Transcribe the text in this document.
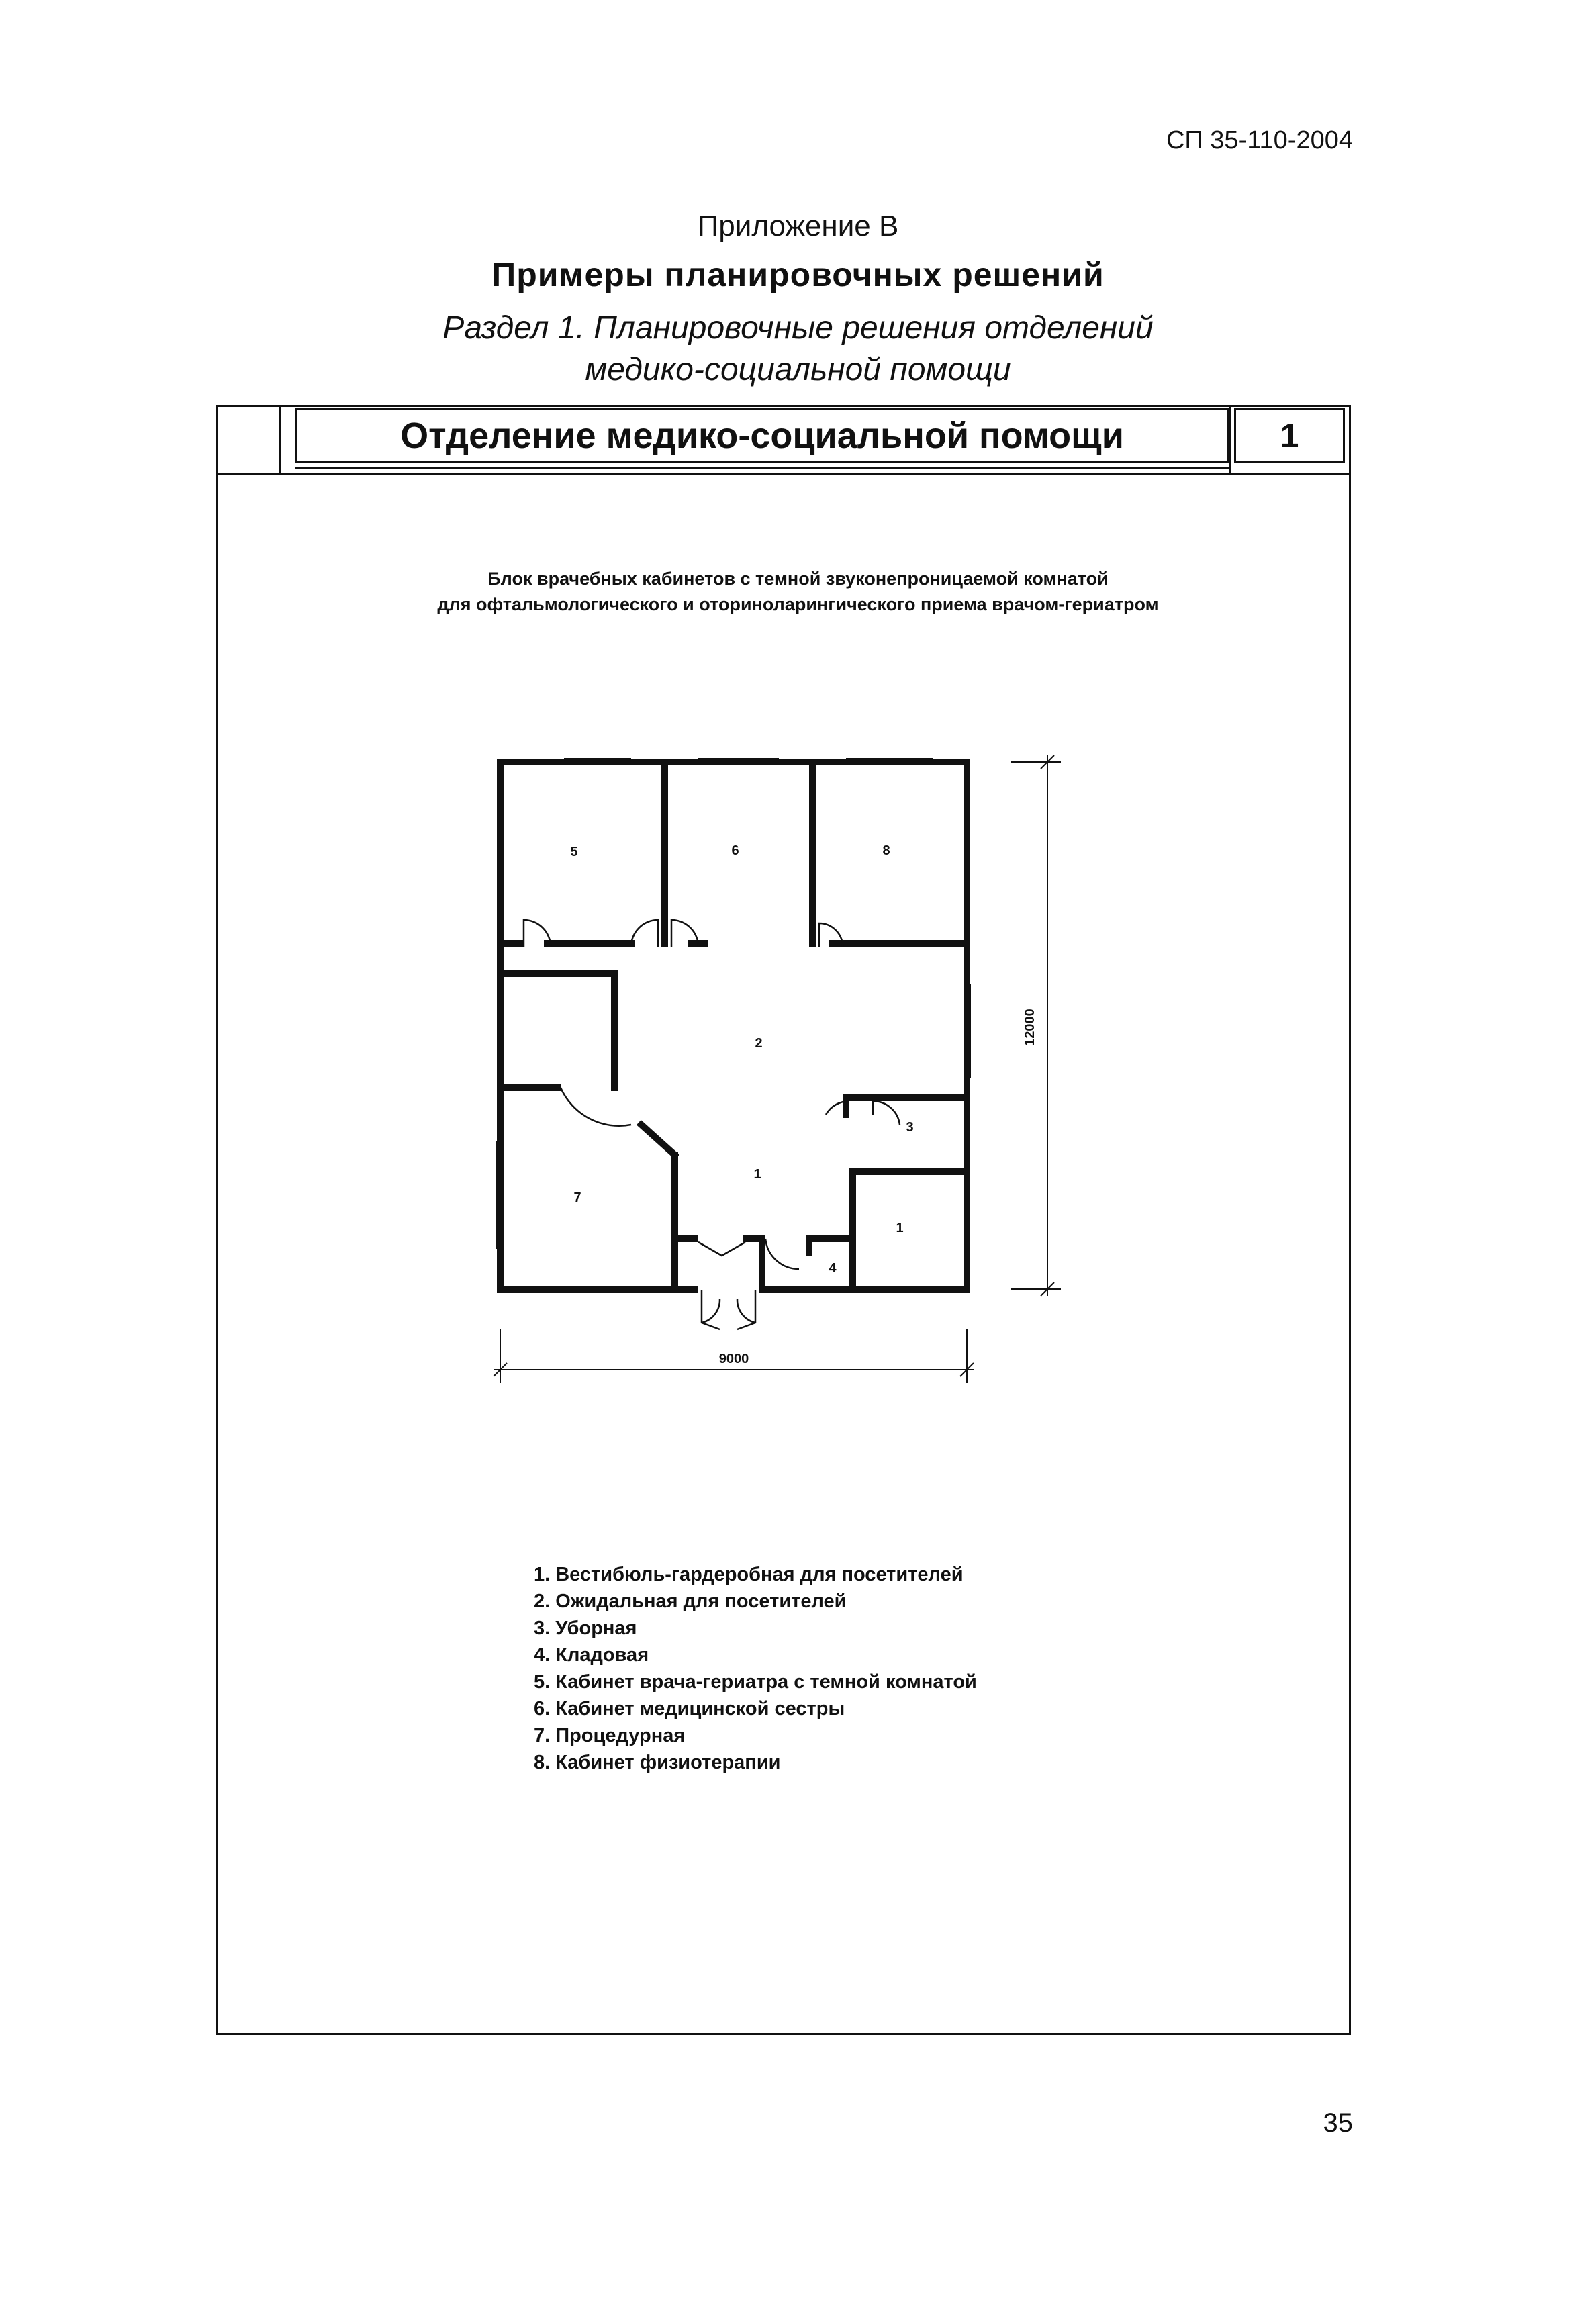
СП 35-110-2004
Приложение В
Примеры планировочных решений
Раздел 1. Планировочные решения отделений
медико-социальной помощи
Отделение медико-социальной помощи	1
Блок врачебных кабинетов с темной звуконепроницаемой комнатой
для офтальмологического и оториноларингического приема врачом-гериатром
5	6	8
2
3
1
7
1
4
12000
9000
1. Вестибюль-гардеробная для посетителей
2. Ожидальная для посетителей
3. Уборная
4. Кладовая
5. Кабинет врача-гериатра с темной комнатой
6. Кабинет медицинской сестры
7. Процедурная
8. Кабинет физиотерапии
35
